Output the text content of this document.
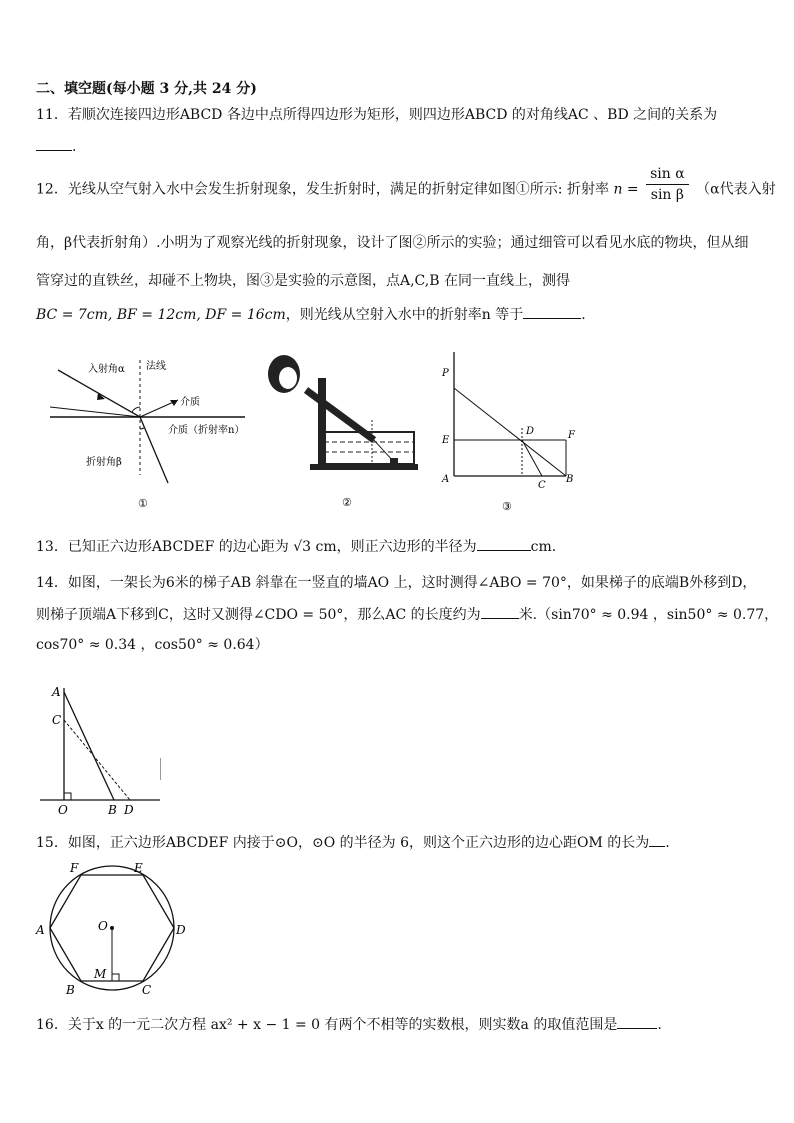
二、填空题(每小题 3 分,共 24 分)
11．若顺次连接四边形ABCD 各边中点所得四边形为矩形，则四边形ABCD 的对角线AC 、BD 之间的关系为
.
12．光线从空气射入水中会发生折射现象，发生折射时，满足的折射定律如图①所示: 折射率 $n = \frac{\text{sin α}}{\text{sin β}} (\alpha$代表入射
角，β代表折射角）.小明为了观察光线的折射现象，设计了图②所示的实验；通过细管可以看见水底的物块，但从细
管穿过的直铁丝，却碰不上物块，图③是实验的示意图，点A,C,B 在同一直线上，测得
BC = 7cm, BF = 12cm, DF = 16cm，则光线从空射入水中的折射率n 等于	.
入射角α 法线
介质
介质（折射率n）
折射角β
①	②
P
E
D	F
A
C
B
③
13．已知正六边形ABCDEF 的边心距为 √3 cm，则正六边形的半径为	cm.
14．如图，一架长为6米的梯子AB 斜靠在一竖直的墙AO 上，这时测得∠ABO = 70°，如果梯子的底端B外移到D，
则梯子顶端A下移到C，这时又测得∠CDO = 50°，那么AC 的长度约为	米.（sin70° ≈ 0.94 ，sin50° ≈ 0.77，
cos70° ≈ 0.34 ，cos50° ≈ 0.64）
A
C
O	B D
15．如图，正六边形ABCDEF 内接于⊙O，⊙O 的半径为 6，则这个正六边形的边心距OM 的长为 .
F	E
A	D
O
M
B	C
16．关于x 的一元二次方程 ax² + x − 1 = 0 有两个不相等的实数根，则实数a 的取值范围是	.
